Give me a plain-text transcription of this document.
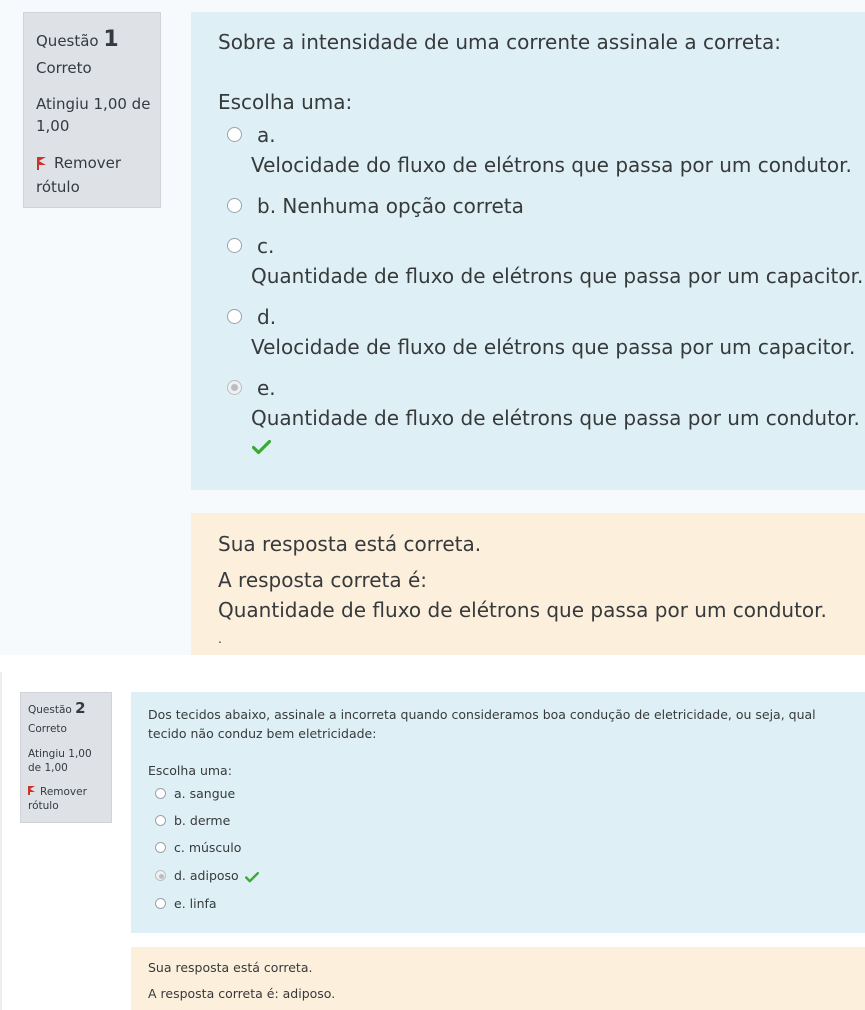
Questão 1
Correto
Atingiu 1,00 de 1,00
Remover rótulo
Sobre a intensidade de uma corrente assinale a correta:
Escolha uma:
a.
Velocidade do fluxo de elétrons que passa por um condutor.
b. Nenhuma opção correta
c.
Quantidade de fluxo de elétrons que passa por um capacitor.
d.
Velocidade de fluxo de elétrons que passa por um capacitor.
e.
Quantidade de fluxo de elétrons que passa por um condutor.
Sua resposta está correta.
A resposta correta é:
Quantidade de fluxo de elétrons que passa por um condutor.
.
Questão 2
Correto
Atingiu 1,00 de 1,00
Remover rótulo
Dos tecidos abaixo, assinale a incorreta quando consideramos boa condução de eletricidade, ou seja, qual tecido não conduz bem eletricidade:
Escolha uma:
a. sangue
b. derme
c. músculo
d. adiposo
e. linfa
Sua resposta está correta.
A resposta correta é: adiposo.
